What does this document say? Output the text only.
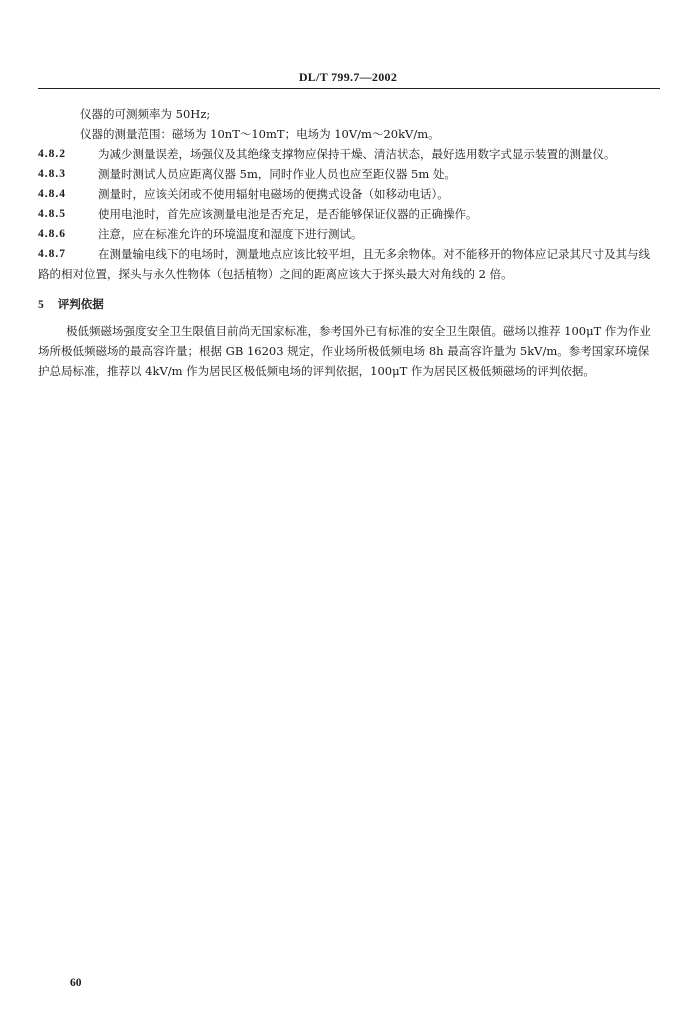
DL/T 799.7—2002

仪器的可测频率为 50Hz;

仪器的测量范围：磁场为 10nT～10mT；电场为 10V/m～20kV/m。

4.8.2	为减少测量误差，场强仪及其绝缘支撑物应保持干燥、清洁状态，最好选用数字式显示装置的测量仪。

4.8.3	测量时测试人员应距离仪器 5m，同时作业人员也应至距仪器 5m 处。

4.8.4	测量时，应该关闭或不使用辐射电磁场的便携式设备（如移动电话）。

4.8.5	使用电池时，首先应该测量电池是否充足，是否能够保证仪器的正确操作。

4.8.6	注意，应在标准允许的环境温度和湿度下进行测试。

4.8.7	在测量输电线下的电场时，测量地点应该比较平坦，且无多余物体。对不能移开的物体应记录其尺寸及其与线路的相对位置，探头与永久性物体（包括植物）之间的距离应该大于探头最大对角线的 2 倍。

5 评判依据

极低频磁场强度安全卫生限值目前尚无国家标准，参考国外已有标准的安全卫生限值。磁场以推荐 100μT 作为作业场所极低频磁场的最高容许量；根据 GB 16203 规定，作业场所极低频电场 8h 最高容许量为 5kV/m。参考国家环境保护总局标准，推荐以 4kV/m 作为居民区极低频电场的评判依据，100μT 作为居民区极低频磁场的评判依据。

60
